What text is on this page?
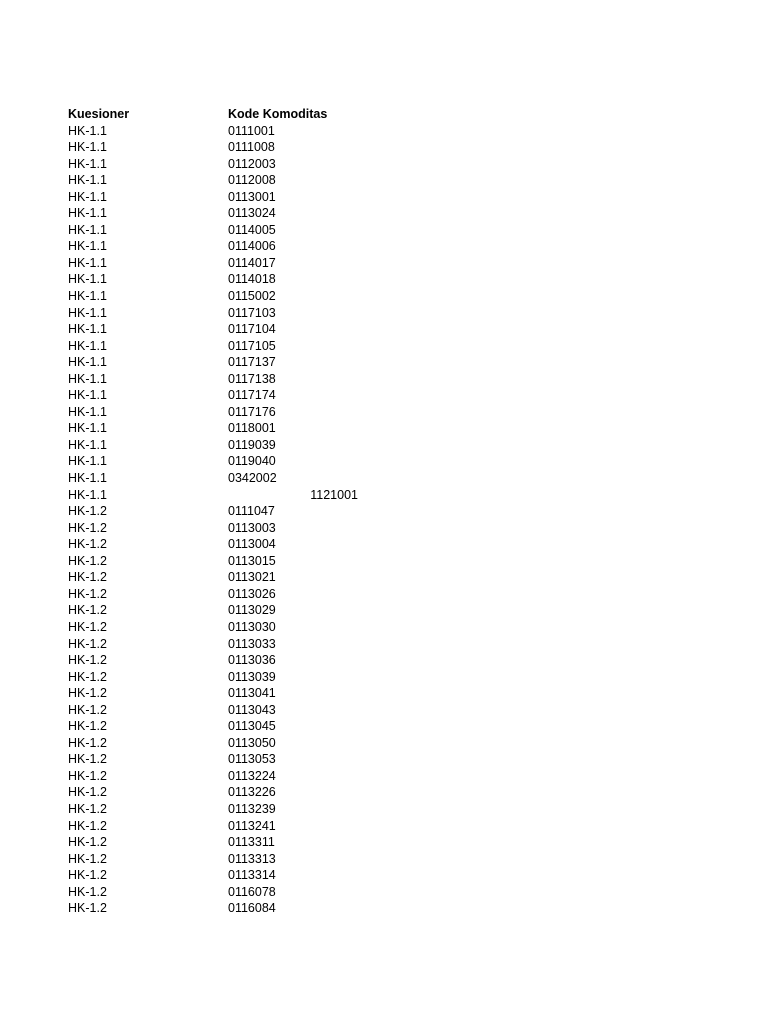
Kuesioner	Kode Komoditas
HK-1.1	0111001
HK-1.1	0111008
HK-1.1	0112003
HK-1.1	0112008
HK-1.1	0113001
HK-1.1	0113024
HK-1.1	0114005
HK-1.1	0114006
HK-1.1	0114017
HK-1.1	0114018
HK-1.1	0115002
HK-1.1	0117103
HK-1.1	0117104
HK-1.1	0117105
HK-1.1	0117137
HK-1.1	0117138
HK-1.1	0117174
HK-1.1	0117176
HK-1.1	0118001
HK-1.1	0119039
HK-1.1	0119040
HK-1.1	0342002
HK-1.1	1121001
HK-1.2	0111047
HK-1.2	0113003
HK-1.2	0113004
HK-1.2	0113015
HK-1.2	0113021
HK-1.2	0113026
HK-1.2	0113029
HK-1.2	0113030
HK-1.2	0113033
HK-1.2	0113036
HK-1.2	0113039
HK-1.2	0113041
HK-1.2	0113043
HK-1.2	0113045
HK-1.2	0113050
HK-1.2	0113053
HK-1.2	0113224
HK-1.2	0113226
HK-1.2	0113239
HK-1.2	0113241
HK-1.2	0113311
HK-1.2	0113313
HK-1.2	0113314
HK-1.2	0116078
HK-1.2	0116084
